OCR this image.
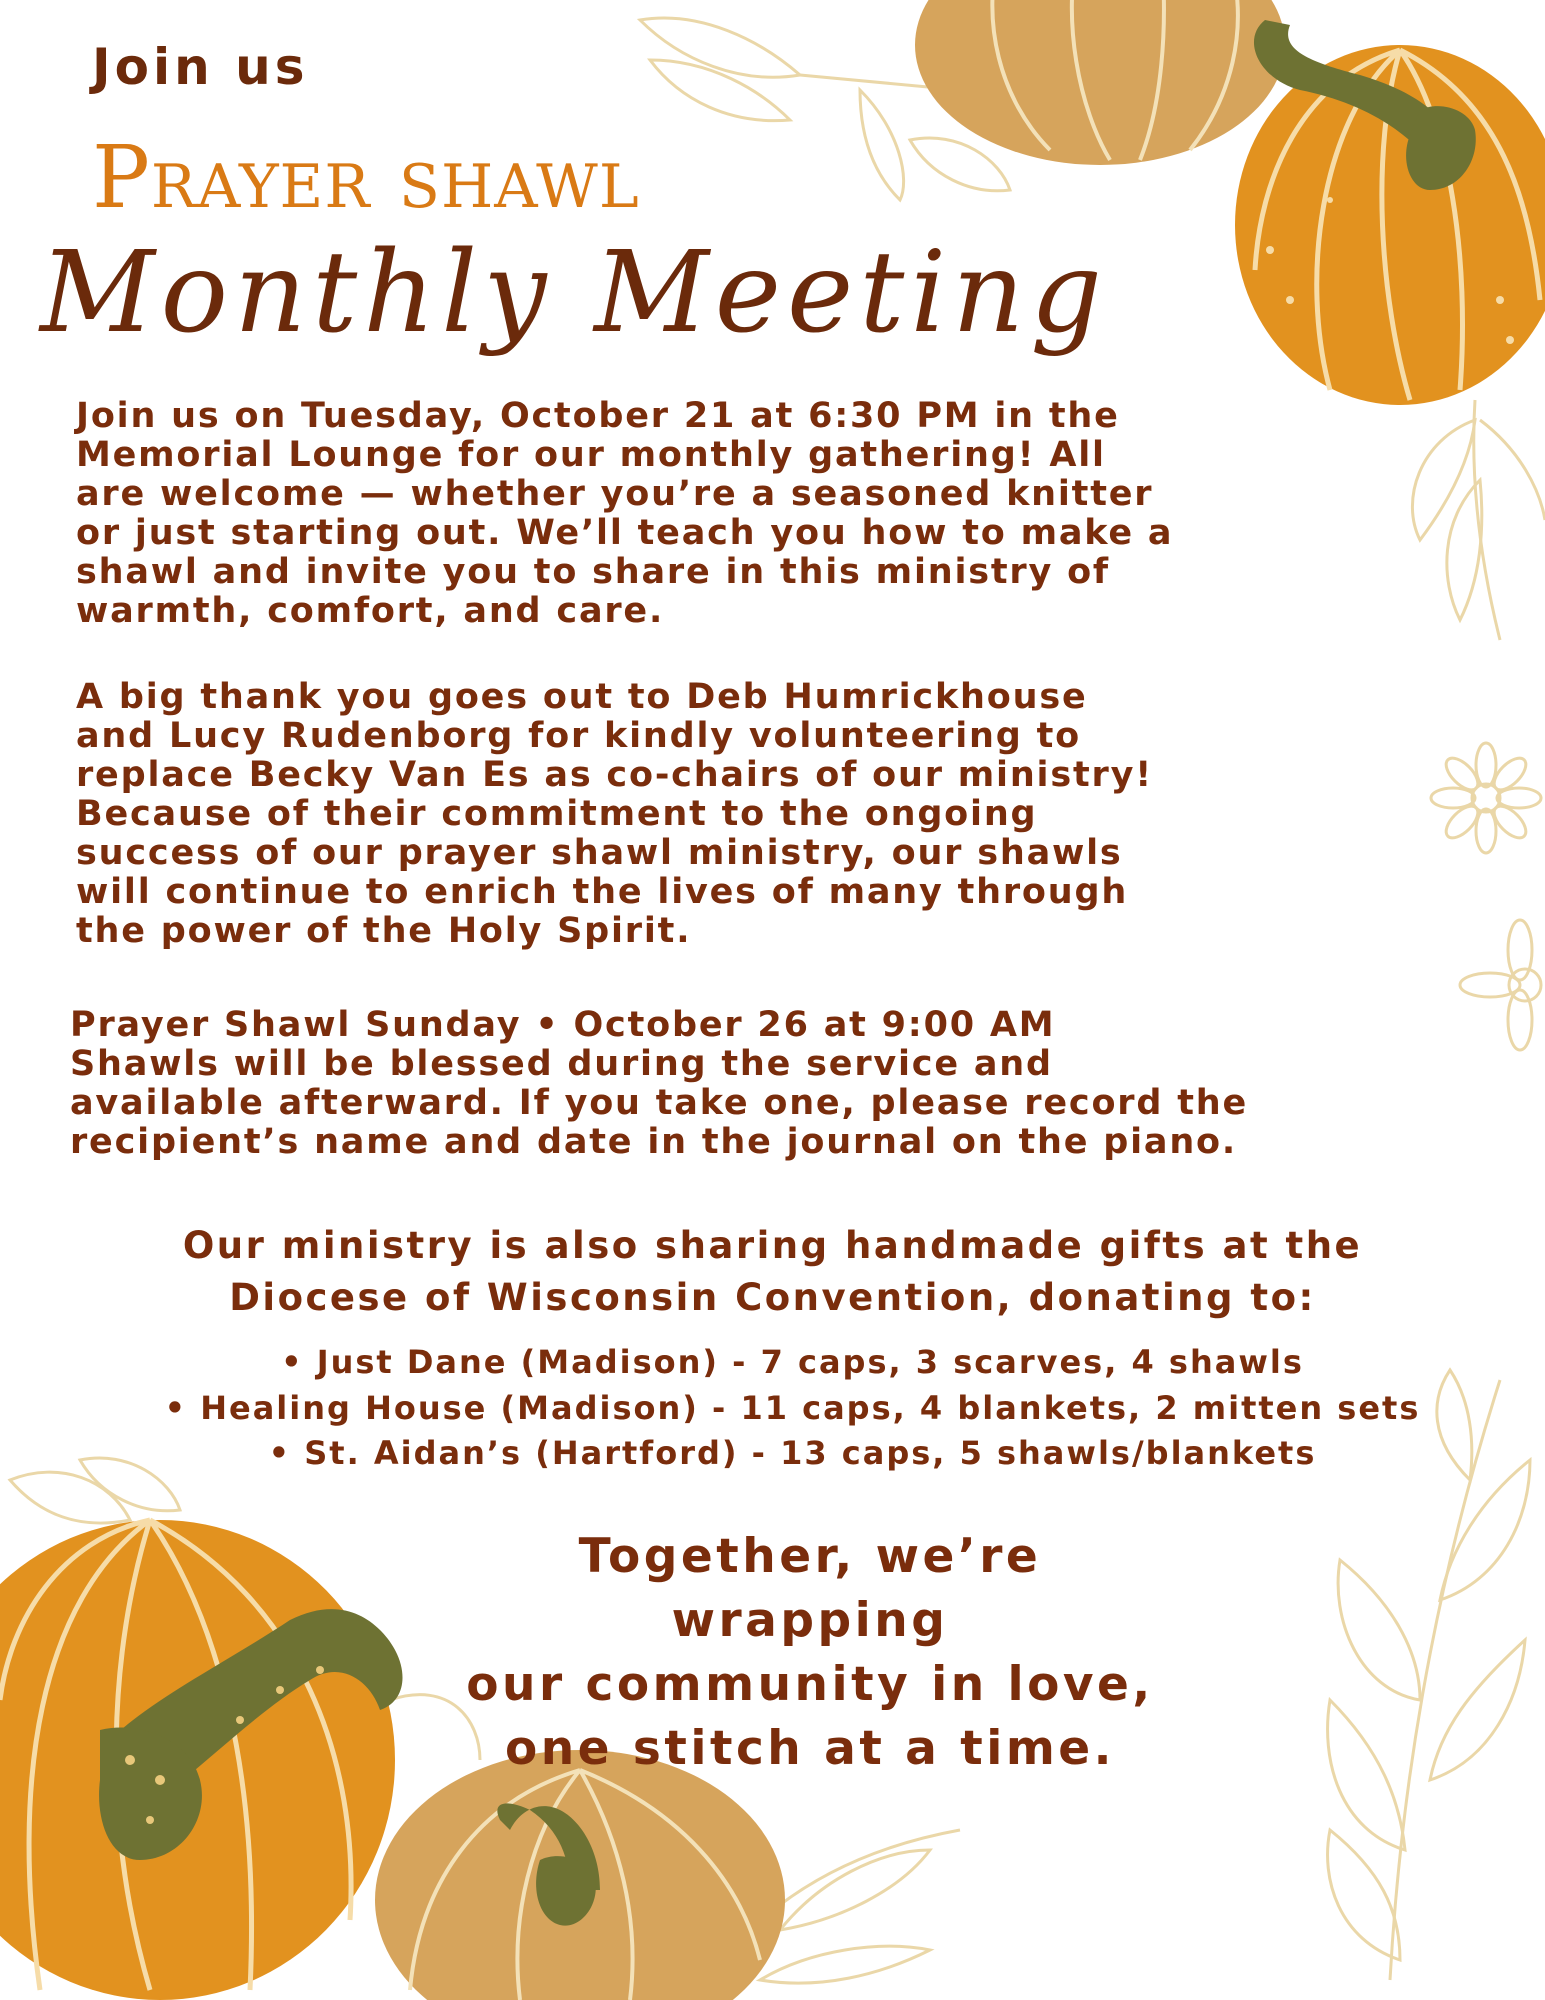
Join us
Prayer shawl
Monthly Meeting
Join us on Tuesday, October 21 at 6:30 PM in the
Memorial Lounge for our monthly gathering! All
are welcome — whether you’re a seasoned knitter
or just starting out. We’ll teach you how to make a
shawl and invite you to share in this ministry of
warmth, comfort, and care.
A big thank you goes out to Deb Humrickhouse
and Lucy Rudenborg for kindly volunteering to
replace Becky Van Es as co-chairs of our ministry!
Because of their commitment to the ongoing
success of our prayer shawl ministry, our shawls
will continue to enrich the lives of many through
the power of the Holy Spirit.
Prayer Shawl Sunday • October 26 at 9:00 AM
Shawls will be blessed during the service and
available afterward. If you take one, please record the
recipient’s name and date in the journal on the piano.
Our ministry is also sharing handmade gifts at the
Diocese of Wisconsin Convention, donating to:
• Just Dane (Madison) - 7 caps, 3 scarves, 4 shawls
• Healing House (Madison) - 11 caps, 4 blankets, 2 mitten sets
• St. Aidan’s (Hartford) - 13 caps, 5 shawls/blankets
Together, we’re wrapping
our community in love,
one stitch at a time.
